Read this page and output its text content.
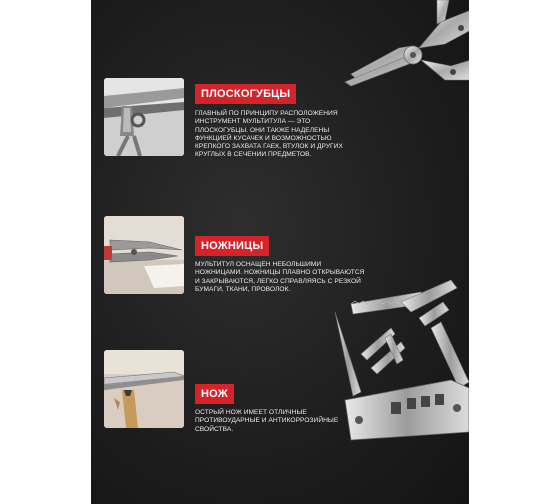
ПЛОСКОГУБЦЫ
ГЛАВНЫЙ ПО ПРИНЦИПУ РАСПОЛОЖЕНИЯ ИНСТРУМЕНТ МУЛЬТИТУЛА — ЭТО ПЛОСКОГУБЦЫ. ОНИ ТАКЖЕ НАДЕЛЕНЫ ФУНКЦИЕЙ КУСАЧЕК И ВОЗМОЖНОСТЬЮ КРЕПКОГО ЗАХВАТА ГАЕК, ВТУЛОК И ДРУГИХ КРУГЛЫХ В СЕЧЕНИИ ПРЕДМЕТОВ.
НОЖНИЦЫ
МУЛЬТИТУЛ ОСНАЩЕН НЕБОЛЬШИМИ НОЖНИЦАМИ. НОЖНИЦЫ ПЛАВНО ОТКРЫВАЮТСЯ И ЗАКРЫВАЮТСЯ, ЛЕГКО СПРАВЛЯЯСЬ С РЕЗКОЙ БУМАГИ, ТКАНИ, ПРОВОЛОК.
НОЖ
ОСТРЫЙ НОЖ ИМЕЕТ ОТЛИЧНЫЕ ПРОТИВОУДАРНЫЕ И АНТИКОРРОЗИЙНЫЕ СВОЙСТВА.
